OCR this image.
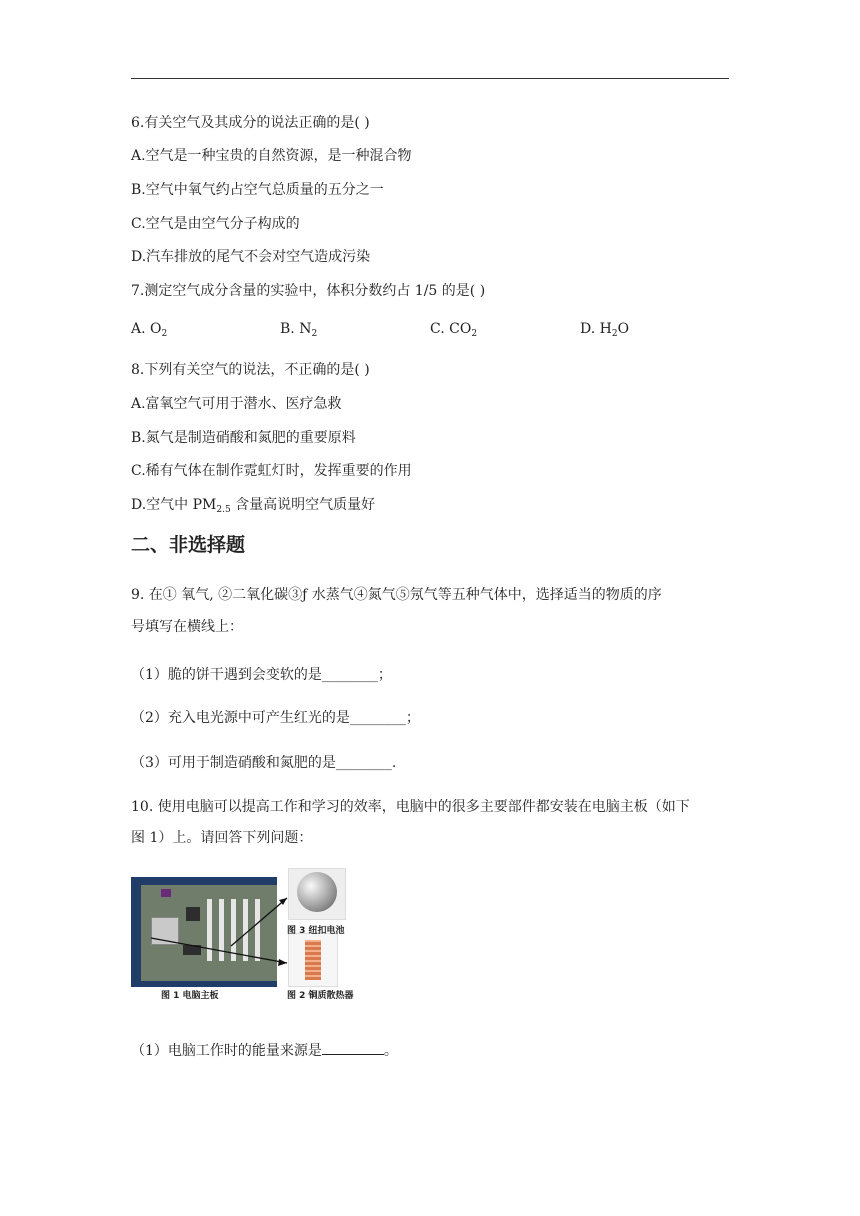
6.有关空气及其成分的说法正确的是( )
A.空气是一种宝贵的自然资源，是一种混合物
B.空气中氧气约占空气总质量的五分之一
C.空气是由空气分子构成的
D.汽车排放的尾气不会对空气造成污染
7.测定空气成分含量的实验中，体积分数约占 1/5 的是( )
A. $O_2$	B. $N_2$	C. $CO_2$	D. $H_2O$
8.下列有关空气的说法，不正确的是( )
A.富氧空气可用于潜水、医疗急救
B.氮气是制造硝酸和氮肥的重要原料
C.稀有气体在制作霓虹灯时，发挥重要的作用
D.空气中 $PM_{2.5}$ 含量高说明空气质量好
二、非选择题
9. 在① 氧气, ②二氧化碳③ƒ 水蒸气④氮气⑤氖气等五种气体中，选择适当的物质的序
号填写在横线上：
（1）脆的饼干遇到会变软的是________；
（2）充入电光源中可产生红光的是________；
（3）可用于制造硝酸和氮肥的是________.
10. 使用电脑可以提高工作和学习的效率，电脑中的很多主要部件都安装在电脑主板（如下
图 1）上。请回答下列问题：
图 1 电脑主板	图 2 铜质散热器
图 3 纽扣电池
（1）电脑工作时的能量来源是	。
